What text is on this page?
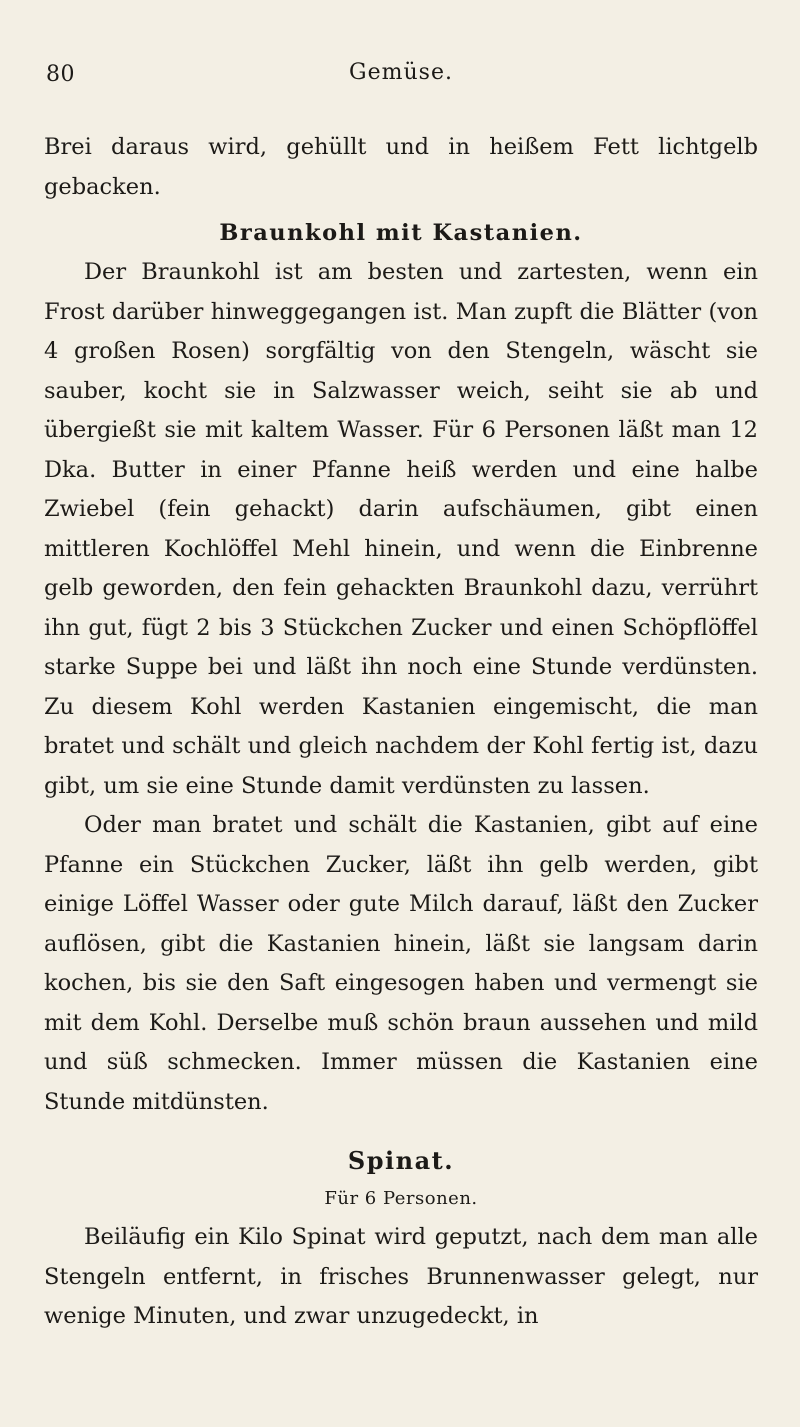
80	Gemüse.

Brei daraus wird, gehüllt und in heißem Fett lichtgelb gebacken.

Braunkohl mit Kastanien.

Der Braunkohl ist am besten und zartesten, wenn ein Frost darüber hinweggegangen ist. Man zupft die Blätter (von 4 großen Rosen) sorgfältig von den Stengeln, wäscht sie sauber, kocht sie in Salzwasser weich, seiht sie ab und übergießt sie mit kaltem Wasser. Für 6 Personen läßt man 12 Dka. Butter in einer Pfanne heiß werden und eine halbe Zwiebel (fein gehackt) darin aufschäumen, gibt einen mittleren Kochlöffel Mehl hinein, und wenn die Einbrenne gelb geworden, den fein gehackten Braunkohl dazu, verrührt ihn gut, fügt 2 bis 3 Stückchen Zucker und einen Schöpflöffel starke Suppe bei und läßt ihn noch eine Stunde verdünsten. Zu diesem Kohl werden Kastanien eingemischt, die man bratet und schält und gleich nachdem der Kohl fertig ist, dazu gibt, um sie eine Stunde damit verdünsten zu lassen.

Oder man bratet und schält die Kastanien, gibt auf eine Pfanne ein Stückchen Zucker, läßt ihn gelb werden, gibt einige Löffel Wasser oder gute Milch darauf, läßt den Zucker auflösen, gibt die Kastanien hinein, läßt sie langsam darin kochen, bis sie den Saft eingesogen haben und vermengt sie mit dem Kohl. Derselbe muß schön braun aussehen und mild und süß schmecken. Immer müssen die Kastanien eine Stunde mitdünsten.

Spinat.
Für 6 Personen.

Beiläufig ein Kilo Spinat wird geputzt, nach dem man alle Stengeln entfernt, in frisches Brunnenwasser gelegt, nur wenige Minuten, und zwar unzugedeckt, in
